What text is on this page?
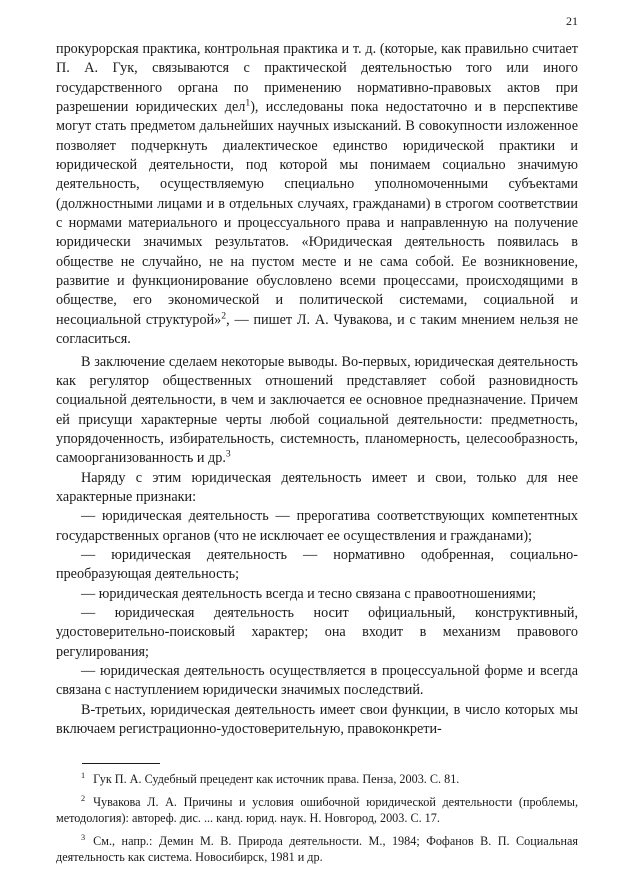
21

прокурорская практика, контрольная практика и т. д. (которые, как правильно считает П. А. Гук, связываются с практической деятельностью того или иного государственного органа по применению нормативно-правовых актов при разрешении юридических дел$^1$), исследованы пока недостаточно и в перспективе могут стать предметом дальнейших научных изысканий. В совокупности изложенное позволяет подчеркнуть диалектическое единство юридической практики и юридической деятельности, под которой мы понимаем социально значимую деятельность, осуществляемую специально уполномоченными субъектами (должностными лицами и в отдельных случаях, гражданами) в строгом соответствии с нормами материального и процессуального права и направленную на получение юридически значимых результатов. «Юридическая деятельность появилась в обществе не случайно, не на пустом месте и не сама собой. Ее возникновение, развитие и функционирование обусловлено всеми процессами, происходящими в обществе, его экономической и политической системами, социальной и несоциальной структурой»$^2$, — пишет Л. А. Чувакова, и с таким мнением нельзя не согласиться.

В заключение сделаем некоторые выводы. Во-первых, юридическая деятельность как регулятор общественных отношений представляет собой разновидность социальной деятельности, в чем и заключается ее основное предназначение. Причем ей присущи характерные черты любой социальной деятельности: предметность, упорядоченность, избирательность, системность, планомерность, целесообразность, самоорганизованность и др.$^3$

Наряду с этим юридическая деятельность имеет и свои, только для нее характерные признаки:

— юридическая деятельность — прерогатива соответствующих компетентных государственных органов (что не исключает ее осуществления и гражданами);

— юридическая деятельность — нормативно одобренная, социально-преобразующая деятельность;

— юридическая деятельность всегда и тесно связана с правоотношениями;

— юридическая деятельность носит официальный, конструктивный, удостоверительно-поисковый характер; она входит в механизм правового регулирования;

— юридическая деятельность осуществляется в процессуальной форме и всегда связана с наступлением юридически значимых последствий.

В-третьих, юридическая деятельность имеет свои функции, в число которых мы включаем регистрационно-удостоверительную, правоконкрети-

$^1$ Гук П. А. Судебный прецедент как источник права. Пенза, 2003. С. 81.

$^2$ Чувакова Л. А. Причины и условия ошибочной юридической деятельности (проблемы, методология): автореф. дис. ... канд. юрид. наук. Н. Новгород, 2003. С. 17.

$^3$ См., напр.: Демин М. В. Природа деятельности. М., 1984; Фофанов В. П. Социальная деятельность как система. Новосибирск, 1981 и др.
